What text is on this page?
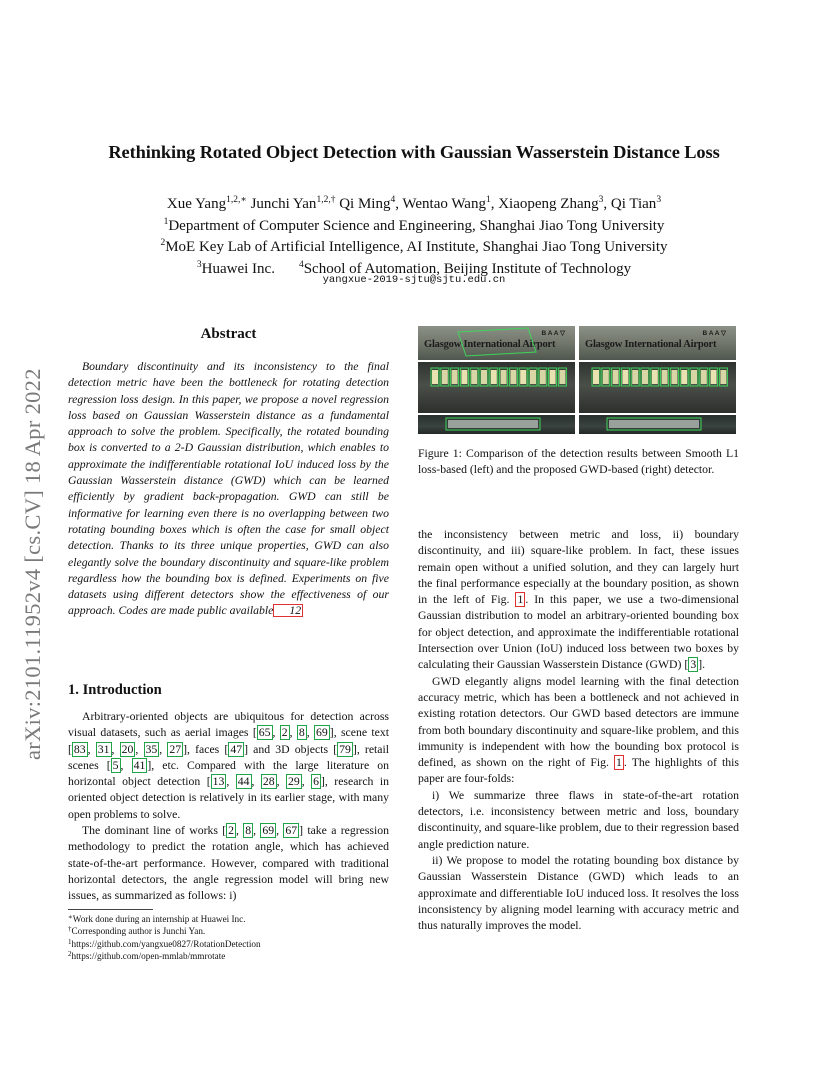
arXiv:2101.11952v4 [cs.CV] 18 Apr 2022
Rethinking Rotated Object Detection with Gaussian Wasserstein Distance Loss
Xue Yang$^{1,2,∗}$ Junchi Yan$^{1,2,\dagger}$ Qi Ming$^4$, Wentao Wang$^1$, Xiaopeng Zhang$^3$, Qi Tian$^3$
$^1$Department of Computer Science and Engineering, Shanghai Jiao Tong University
$^2$MoE Key Lab of Artificial Intelligence, AI Institute, Shanghai Jiao Tong University
$^3$Huawei Inc.	$^4$School of Automation, Beijing Institute of Technology
yangxue-2019-sjtu@sjtu.edu.cn
Abstract
Boundary discontinuity and its inconsistency to the final detection metric have been the bottleneck for rotating detection regression loss design. In this paper, we propose a novel regression loss based on Gaussian Wasserstein distance as a fundamental approach to solve the problem. Specifically, the rotated bounding box is converted to a 2-D Gaussian distribution, which enables to approximate the indifferentiable rotational IoU induced loss by the Gaussian Wasserstein distance (GWD) which can be learned efficiently by gradient back-propagation. GWD can still be informative for learning even there is no overlapping between two rotating bounding boxes which is often the case for small object detection. Thanks to its three unique properties, GWD can also elegantly solve the boundary discontinuity and square-like problem regardless how the bounding box is defined. Experiments on five datasets using different detectors show the effectiveness of our approach. Codes are made public available 12
1. Introduction

Arbitrary-oriented objects are ubiquitous for detection across visual datasets, such as aerial images [ 65 , 2 , 8 , 69 ], scene text [ 83 , 31 , 20 , 35 , 27 ], faces [ 47 ] and 3D objects [ 79 ], retail scenes [ 5 , 41 ], etc. Compared with the large literature on horizontal object detection [ 13 , 44 , 28 , 29 , 6 ], research in oriented object detection is relatively in its earlier stage, with many open problems to solve.

The dominant line of works [ 2 , 8 , 69 , 67 ] take a regression methodology to predict the rotation angle, which has achieved state-of-the-art performance. However, compared with traditional horizontal detectors, the angle regression model will bring new issues, as summarized as follows: i)

∗Work done during an internship at Huawei Inc.
†Corresponding author is Junchi Yan.
$^1$https://github.com/yangxue0827/RotationDetection
$^2$https://github.com/open-mmlab/mmrotate
B A A ▽
Glasgow International Airport
B A A ▽
Glasgow International Airport
Figure 1: Comparison of the detection results between Smooth L1 loss-based (left) and the proposed GWD-based (right) detector.

the inconsistency between metric and loss, ii) boundary discontinuity, and iii) square-like problem. In fact, these issues remain open without a unified solution, and they can largely hurt the final performance especially at the boundary position, as shown in the left of Fig. 1 . In this paper, we use a two-dimensional Gaussian distribution to model an arbitrary-oriented bounding box for object detection, and approximate the indifferentiable rotational Intersection over Union (IoU) induced loss between two boxes by calculating their Gaussian Wasserstein Distance (GWD) [ 3 ].

GWD elegantly aligns model learning with the final detection accuracy metric, which has been a bottleneck and not achieved in existing rotation detectors. Our GWD based detectors are immune from both boundary discontinuity and square-like problem, and this immunity is independent with how the bounding box protocol is defined, as shown on the right of Fig. 1 . The highlights of this paper are four-folds:

i) We summarize three flaws in state-of-the-art rotation detectors, i.e. inconsistency between metric and loss, boundary discontinuity, and square-like problem, due to their regression based angle prediction nature.

ii) We propose to model the rotating bounding box distance by Gaussian Wasserstein Distance (GWD) which leads to an approximate and differentiable IoU induced loss. It resolves the loss inconsistency by aligning model learning with accuracy metric and thus naturally improves the model.
